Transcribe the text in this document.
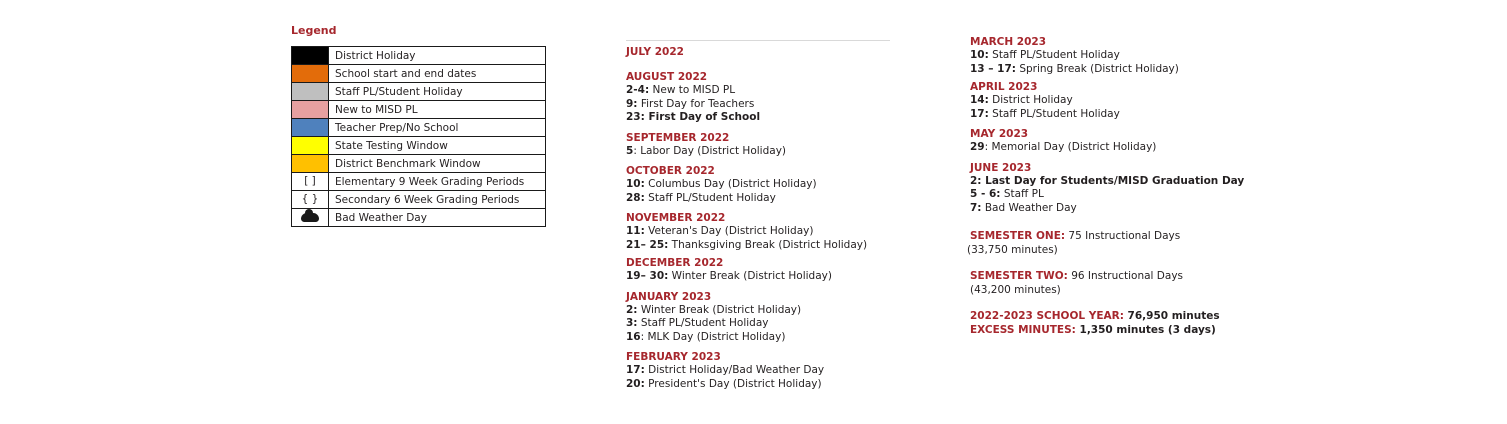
Legend
	District Holiday
	School start and end dates
	Staff PL/Student Holiday
	New to MISD PL
	Teacher Prep/No School
	State Testing Window
	District Benchmark Window
[ ]	Elementary 9 Week Grading Periods
{ }	Secondary 6 Week Grading Periods
	Bad Weather Day
JULY 2022
AUGUST 2022
2-4: New to MISD PL
9: First Day for Teachers
23: First Day of School
SEPTEMBER 2022
5: Labor Day (District Holiday)
OCTOBER 2022
10: Columbus Day (District Holiday)
28: Staff PL/Student Holiday
NOVEMBER 2022
11: Veteran's Day (District Holiday)
21– 25: Thanksgiving Break (District Holiday)
DECEMBER 2022
19– 30: Winter Break (District Holiday)
JANUARY 2023
2: Winter Break (District Holiday)
3: Staff PL/Student Holiday
16: MLK Day (District Holiday)
FEBRUARY 2023
17: District Holiday/Bad Weather Day
20: President's Day (District Holiday)
MARCH 2023
10: Staff PL/Student Holiday
13 – 17: Spring Break (District Holiday)
APRIL 2023
14: District Holiday
17: Staff PL/Student Holiday
MAY 2023
29: Memorial Day (District Holiday)
JUNE 2023
2: Last Day for Students/MISD Graduation Day
5 - 6: Staff PL
7: Bad Weather Day
SEMESTER ONE: 75 Instructional Days
(33,750 minutes)
SEMESTER TWO: 96 Instructional Days
(43,200 minutes)
2022-2023 SCHOOL YEAR: 76,950 minutes
EXCESS MINUTES: 1,350 minutes (3 days)
